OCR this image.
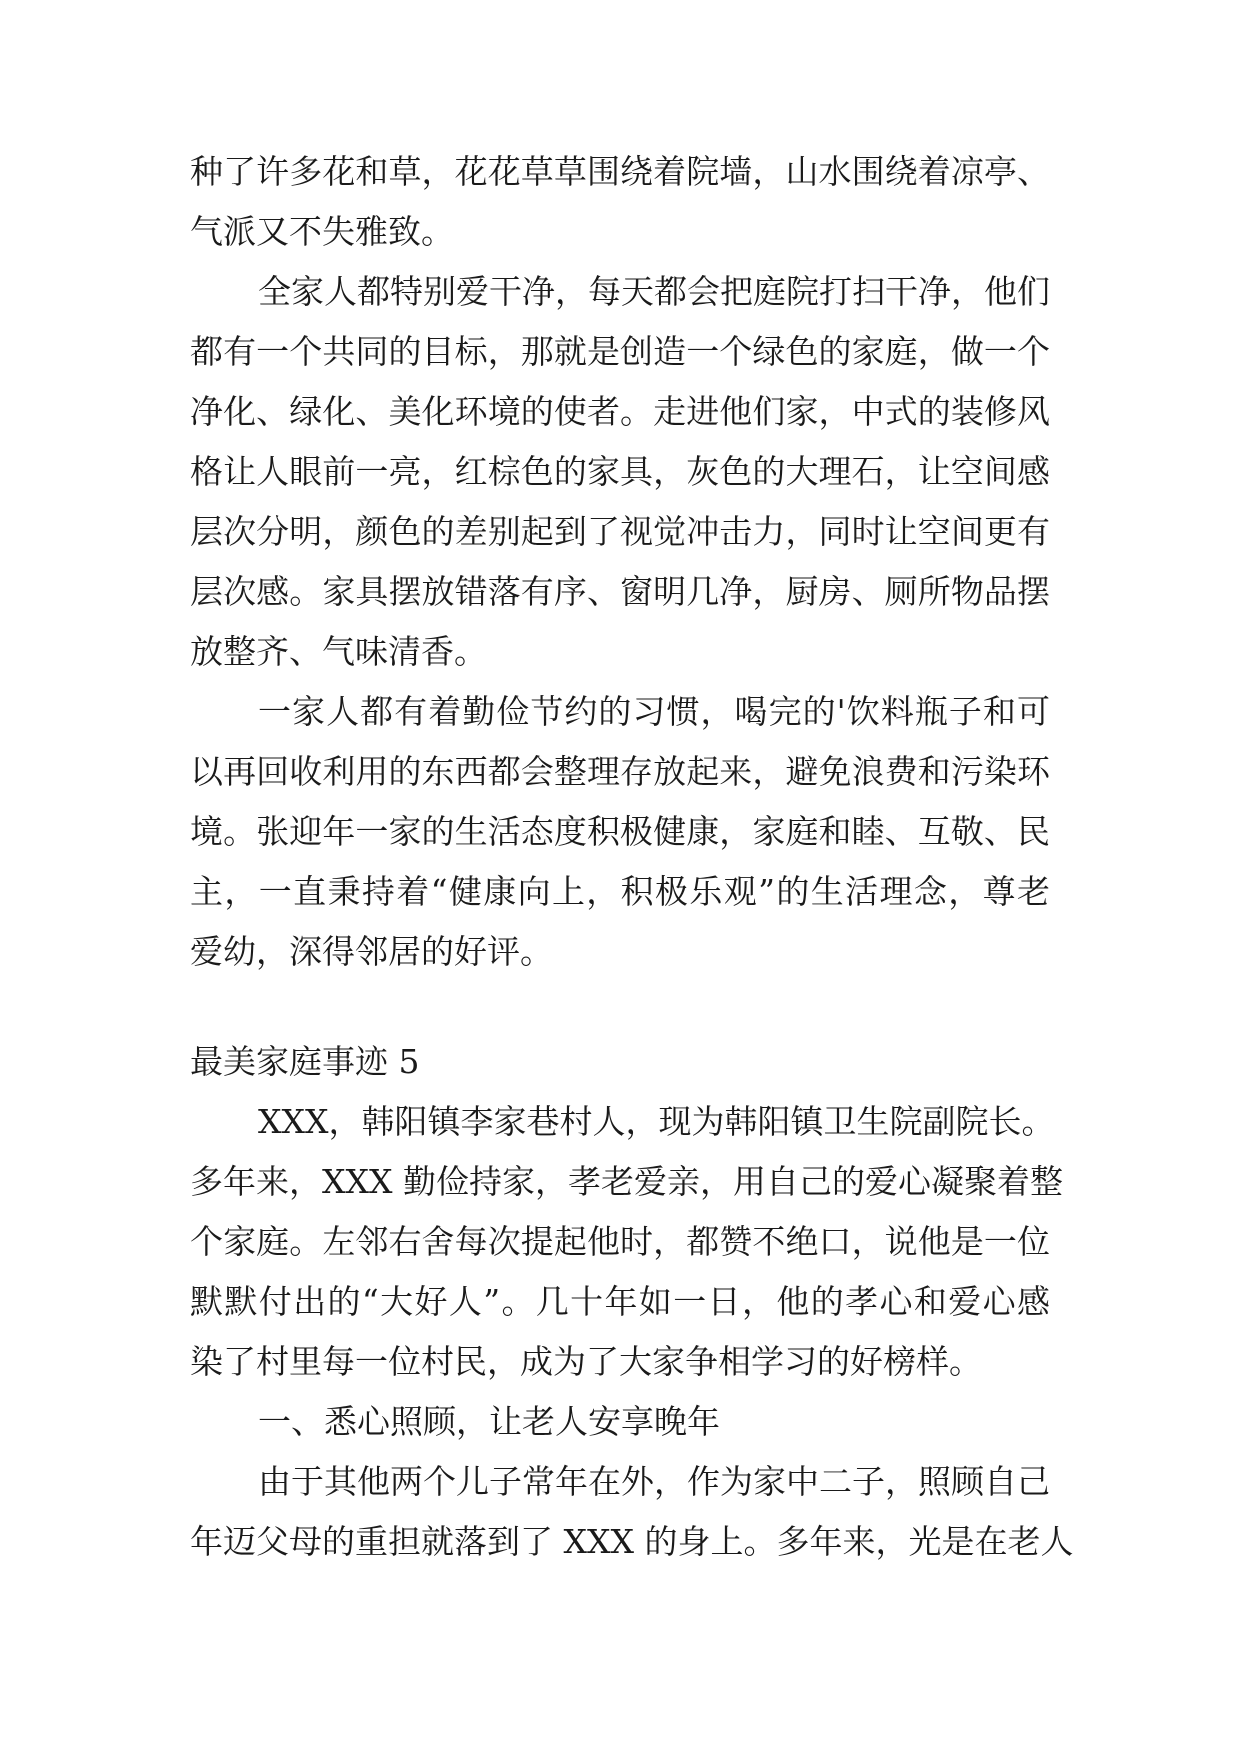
种了许多花和草，花花草草围绕着院墙，山水围绕着凉亭、
气派又不失雅致。
全家人都特别爱干净，每天都会把庭院打扫干净，他们
都有一个共同的目标，那就是创造一个绿色的家庭，做一个
净化、绿化、美化环境的使者。走进他们家，中式的装修风
格让人眼前一亮，红棕色的家具，灰色的大理石，让空间感
层次分明，颜色的差别起到了视觉冲击力，同时让空间更有
层次感。家具摆放错落有序、窗明几净，厨房、厕所物品摆
放整齐、气味清香。
一家人都有着勤俭节约的习惯，喝完的'饮料瓶子和可
以再回收利用的东西都会整理存放起来，避免浪费和污染环
境。张迎年一家的生活态度积极健康，家庭和睦、互敬、民
主，一直秉持着“健康向上，积极乐观”的生活理念，尊老
爱幼，深得邻居的好评。
最美家庭事迹 5
XXX，韩阳镇李家巷村人，现为韩阳镇卫生院副院长。
多年来，XXX 勤俭持家，孝老爱亲，用自己的爱心凝聚着整
个家庭。左邻右舍每次提起他时，都赞不绝口，说他是一位
默默付出的“大好人”。几十年如一日，他的孝心和爱心感
染了村里每一位村民，成为了大家争相学习的好榜样。
一、悉心照顾，让老人安享晚年
由于其他两个儿子常年在外，作为家中二子，照顾自己
年迈父母的重担就落到了 XXX 的身上。多年来，光是在老人
